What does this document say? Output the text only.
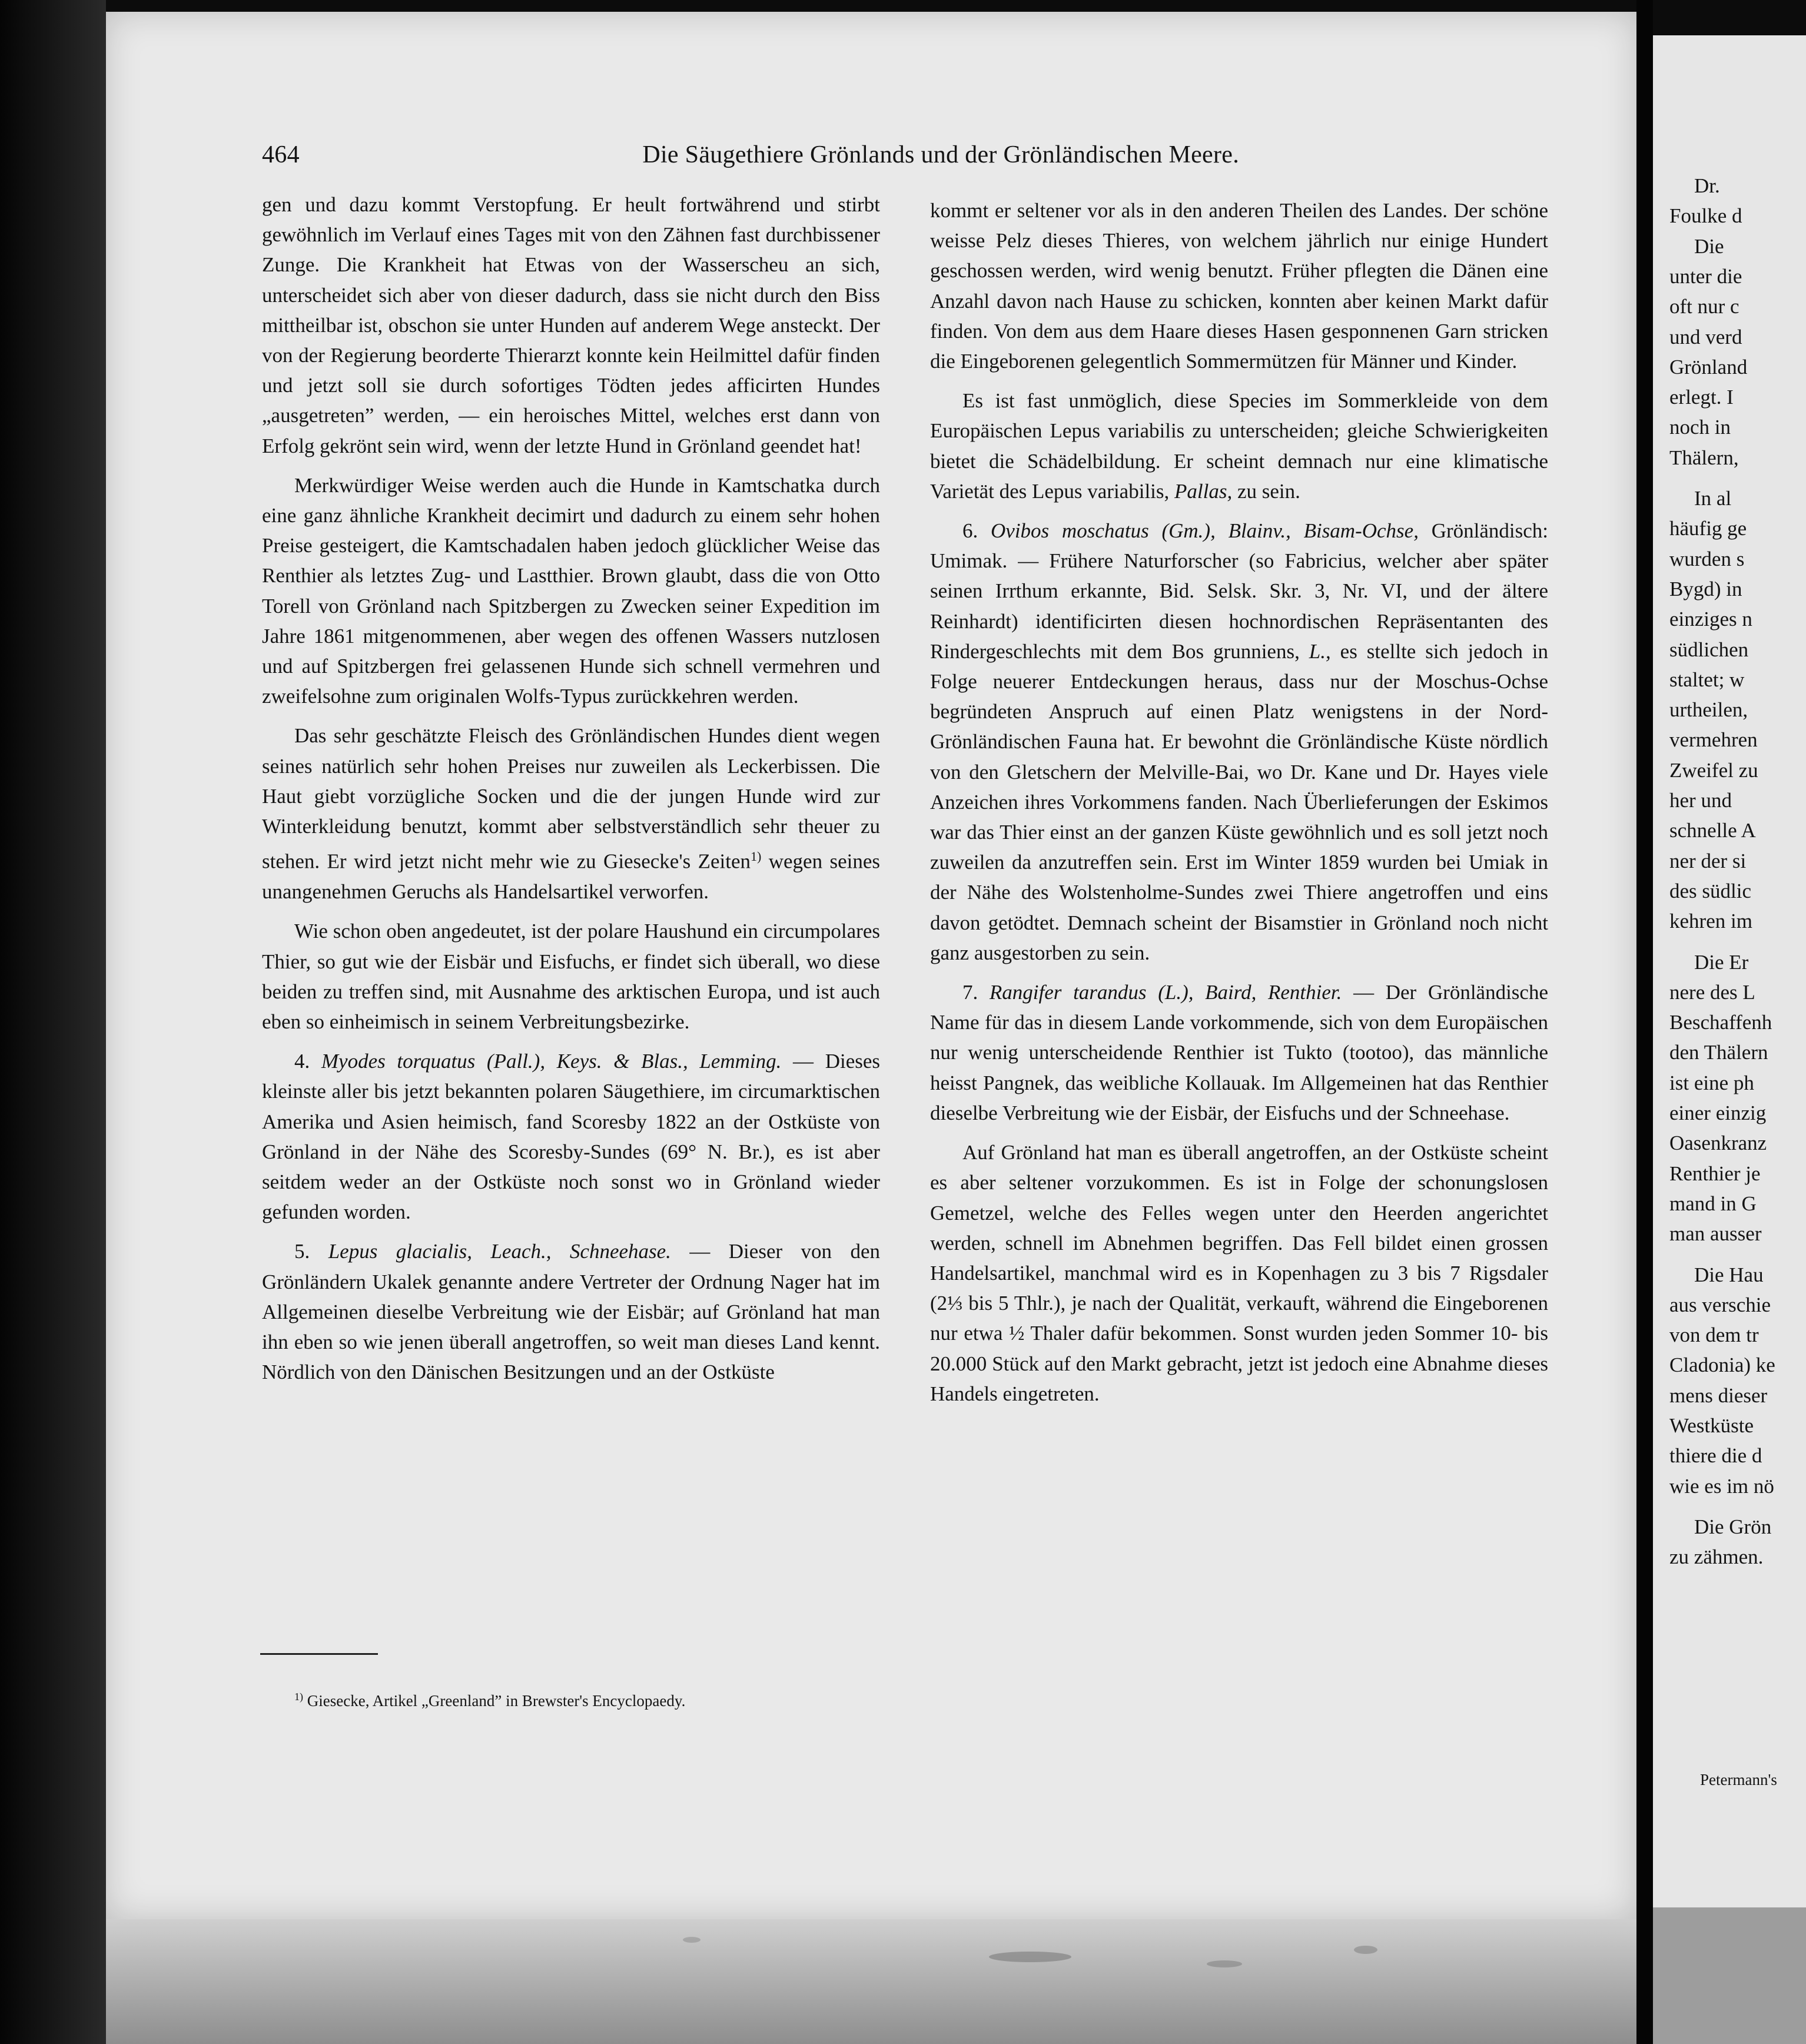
Dr.
Foulke d
Die
unter die
oft nur c
und verd
Grönland
erlegt. I
noch in
Thälern,
In al
häufig ge
wurden s
Bygd) in
einziges n
südlichen
staltet; w
urtheilen,
vermehren
Zweifel zu
her und
schnelle A
ner der si
des südlic
kehren im
Die Er
nere des L
Beschaffenh
den Thälern
ist eine ph
einer einzig
Oasenkranz
Renthier je
mand in G
man ausser
Die Hau
aus verschie
von dem tr
Cladonia) ke
mens dieser
Westküste
thiere die d
wie es im nö
Die Grön
zu zähmen.
Petermann's
464	Die Säugethiere Grönlands und der Grönländischen Meere.

gen und dazu kommt Verstopfung. Er heult fortwährend und stirbt gewöhnlich im Verlauf eines Tages mit von den Zähnen fast durchbissener Zunge. Die Krankheit hat Etwas von der Wasserscheu an sich, unterscheidet sich aber von dieser dadurch, dass sie nicht durch den Biss mittheilbar ist, obschon sie unter Hunden auf anderem Wege ansteckt. Der von der Regierung beorderte Thierarzt konnte kein Heilmittel dafür finden und jetzt soll sie durch sofortiges Tödten jedes afficirten Hundes „ausgetreten” werden, — ein heroisches Mittel, welches erst dann von Erfolg gekrönt sein wird, wenn der letzte Hund in Grönland geendet hat!

Merkwürdiger Weise werden auch die Hunde in Kamtschatka durch eine ganz ähnliche Krankheit decimirt und dadurch zu einem sehr hohen Preise gesteigert, die Kamtschadalen haben jedoch glücklicher Weise das Renthier als letztes Zug- und Lastthier. Brown glaubt, dass die von Otto Torell von Grönland nach Spitzbergen zu Zwecken seiner Expedition im Jahre 1861 mitgenommenen, aber wegen des offenen Wassers nutzlosen und auf Spitzbergen frei gelassenen Hunde sich schnell vermehren und zweifelsohne zum originalen Wolfs-Typus zurückkehren werden.

Das sehr geschätzte Fleisch des Grönländischen Hundes dient wegen seines natürlich sehr hohen Preises nur zuweilen als Leckerbissen. Die Haut giebt vorzügliche Socken und die der jungen Hunde wird zur Winterkleidung benutzt, kommt aber selbstverständlich sehr theuer zu stehen. Er wird jetzt nicht mehr wie zu Giesecke's Zeiten$^{1)}$ wegen seines unangenehmen Geruchs als Handelsartikel verworfen.

Wie schon oben angedeutet, ist der polare Haushund ein circumpolares Thier, so gut wie der Eisbär und Eisfuchs, er findet sich überall, wo diese beiden zu treffen sind, mit Ausnahme des arktischen Europa, und ist auch eben so einheimisch in seinem Verbreitungsbezirke.

4. Myodes torquatus (Pall.), Keys. & Blas., Lemming. — Dieses kleinste aller bis jetzt bekannten polaren Säugethiere, im circumarktischen Amerika und Asien heimisch, fand Scoresby 1822 an der Ostküste von Grönland in der Nähe des Scoresby-Sundes (69° N. Br.), es ist aber seitdem weder an der Ostküste noch sonst wo in Grönland wieder gefunden worden.

5. Lepus glacialis, Leach., Schneehase. — Dieser von den Grönländern Ukalek genannte andere Vertreter der Ordnung Nager hat im Allgemeinen dieselbe Verbreitung wie der Eisbär; auf Grönland hat man ihn eben so wie jenen überall angetroffen, so weit man dieses Land kennt. Nördlich von den Dänischen Besitzungen und an der Ostküste

kommt er seltener vor als in den anderen Theilen des Landes. Der schöne weisse Pelz dieses Thieres, von welchem jährlich nur einige Hundert geschossen werden, wird wenig benutzt. Früher pflegten die Dänen eine Anzahl davon nach Hause zu schicken, konnten aber keinen Markt dafür finden. Von dem aus dem Haare dieses Hasen gesponnenen Garn stricken die Eingeborenen gelegentlich Sommermützen für Männer und Kinder.

Es ist fast unmöglich, diese Species im Sommerkleide von dem Europäischen Lepus variabilis zu unterscheiden; gleiche Schwierigkeiten bietet die Schädelbildung. Er scheint demnach nur eine klimatische Varietät des Lepus variabilis, Pallas, zu sein.

6. Ovibos moschatus (Gm.), Blainv., Bisam-Ochse, Grönländisch: Umimak. — Frühere Naturforscher (so Fabricius, welcher aber später seinen Irrthum erkannte, Bid. Selsk. Skr. 3, Nr. VI, und der ältere Reinhardt) identificirten diesen hochnordischen Repräsentanten des Rindergeschlechts mit dem Bos grunniens, L., es stellte sich jedoch in Folge neuerer Entdeckungen heraus, dass nur der Moschus-Ochse begründeten Anspruch auf einen Platz wenigstens in der Nord-Grönländischen Fauna hat. Er bewohnt die Grönländische Küste nördlich von den Gletschern der Melville-Bai, wo Dr. Kane und Dr. Hayes viele Anzeichen ihres Vorkommens fanden. Nach Überlieferungen der Eskimos war das Thier einst an der ganzen Küste gewöhnlich und es soll jetzt noch zuweilen da anzutreffen sein. Erst im Winter 1859 wurden bei Umiak in der Nähe des Wolstenholme-Sundes zwei Thiere angetroffen und eins davon getödtet. Demnach scheint der Bisamstier in Grönland noch nicht ganz ausgestorben zu sein.

7. Rangifer tarandus (L.), Baird, Renthier. — Der Grönländische Name für das in diesem Lande vorkommende, sich von dem Europäischen nur wenig unterscheidende Renthier ist Tukto (tootoo), das männliche heisst Pangnek, das weibliche Kollauak. Im Allgemeinen hat das Renthier dieselbe Verbreitung wie der Eisbär, der Eisfuchs und der Schneehase.

Auf Grönland hat man es überall angetroffen, an der Ostküste scheint es aber seltener vorzukommen. Es ist in Folge der schonungslosen Gemetzel, welche des Felles wegen unter den Heerden angerichtet werden, schnell im Abnehmen begriffen. Das Fell bildet einen grossen Handelsartikel, manchmal wird es in Kopenhagen zu 3 bis 7 Rigsdaler (2⅓ bis 5 Thlr.), je nach der Qualität, verkauft, während die Eingeborenen nur etwa ½ Thaler dafür bekommen. Sonst wurden jeden Sommer 10- bis 20.000 Stück auf den Markt gebracht, jetzt ist jedoch eine Abnahme dieses Handels eingetreten.

$^{1)}$ Giesecke, Artikel „Greenland” in Brewster's Encyclopaedy.
